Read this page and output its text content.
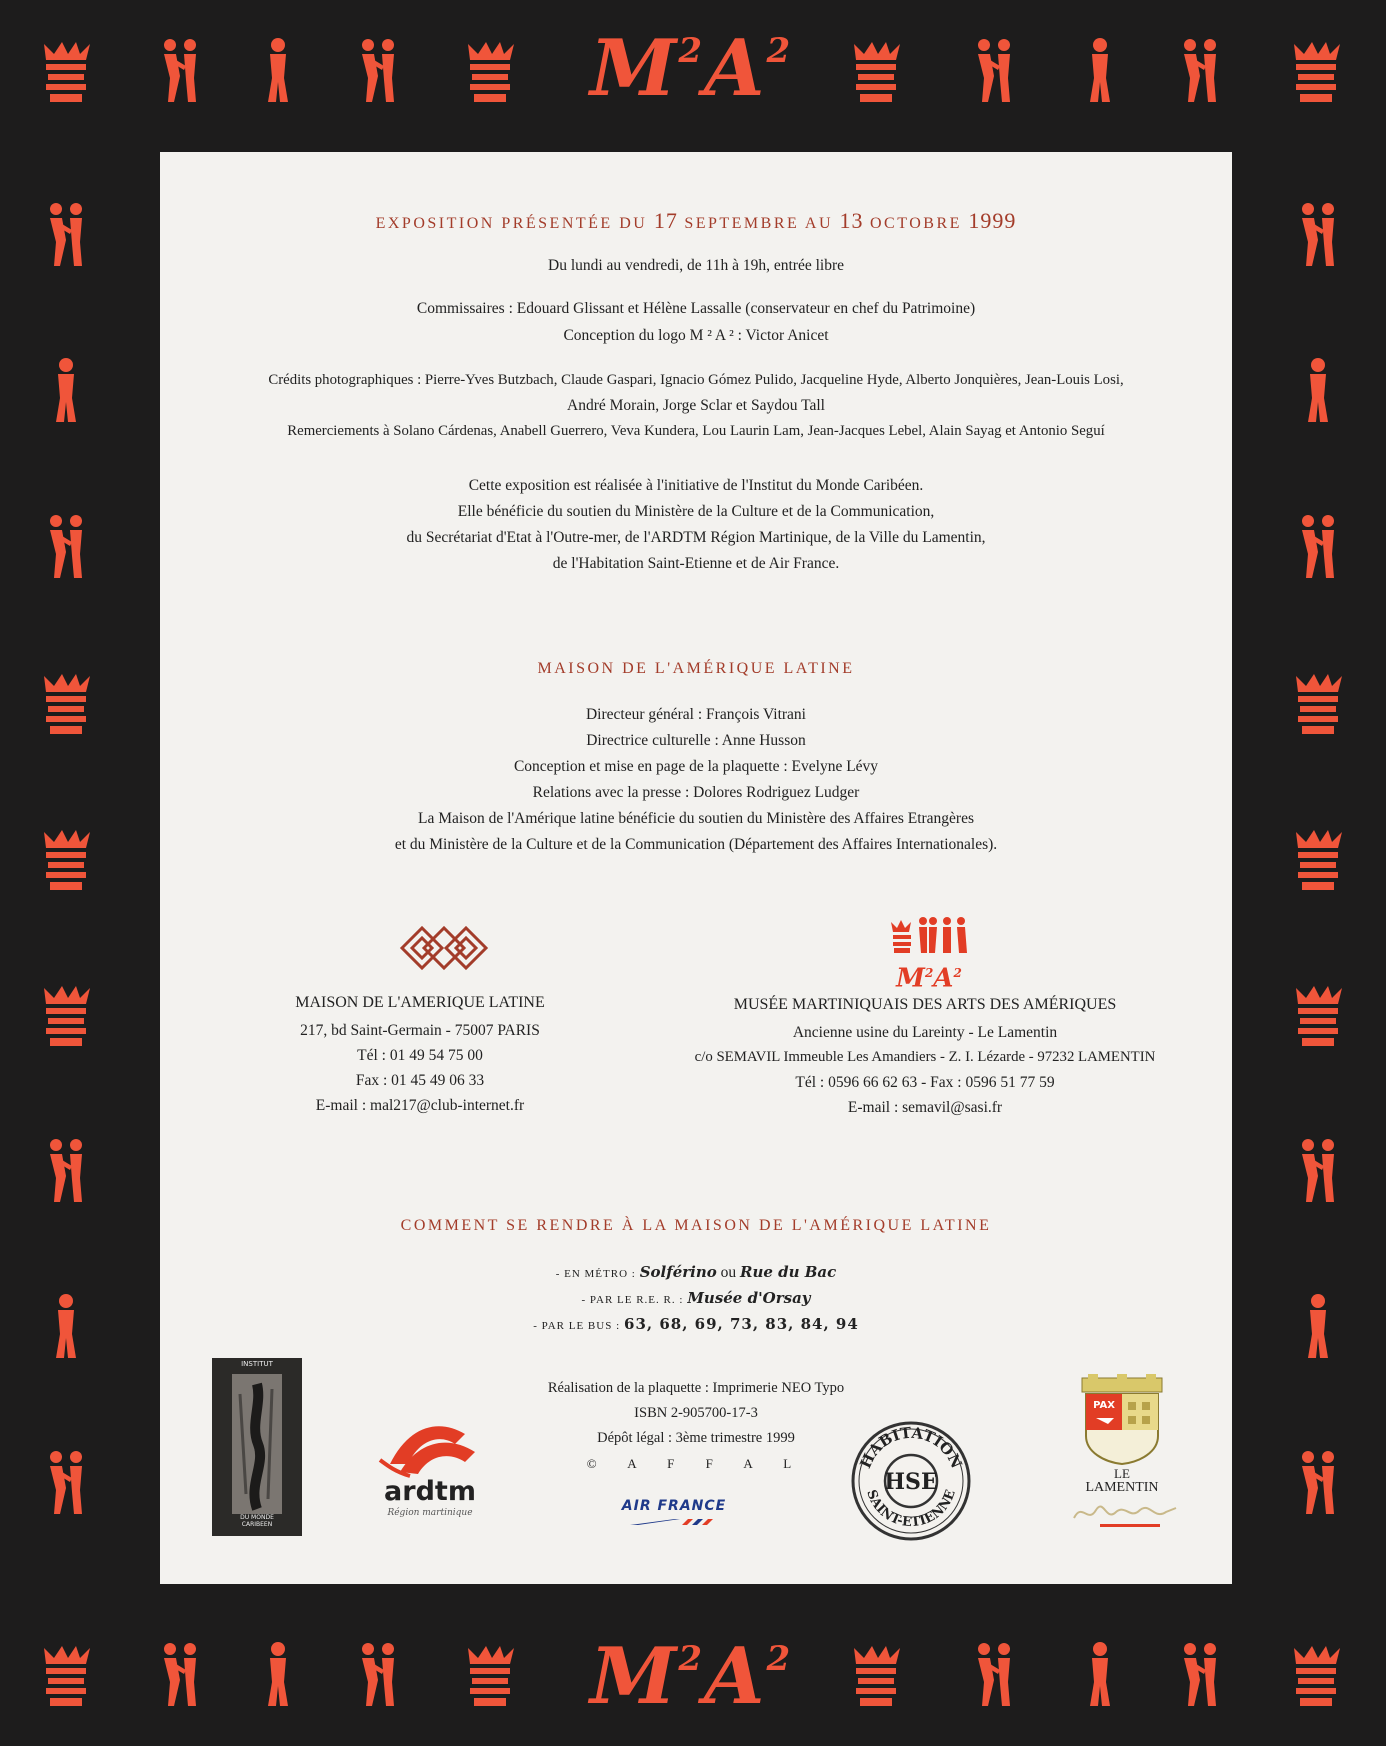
$M^2A^2$
$M^2A^2$
EXPOSITION PRÉSENTÉE DU 17 SEPTEMBRE AU 13 OCTOBRE 1999
Du lundi au vendredi, de 11h à 19h, entrée libre
Commissaires : Edouard Glissant et Hélène Lassalle (conservateur en chef du Patrimoine)
Conception du logo M ² A ² : Victor Anicet
Crédits photographiques : Pierre-Yves Butzbach, Claude Gaspari, Ignacio Gómez Pulido, Jacqueline Hyde, Alberto Jonquières, Jean-Louis Losi,
André Morain, Jorge Sclar et Saydou Tall
Remerciements à Solano Cárdenas, Anabell Guerrero, Veva Kundera, Lou Laurin Lam, Jean-Jacques Lebel, Alain Sayag et Antonio Seguí
Cette exposition est réalisée à l'initiative de l'Institut du Monde Caribéen.
Elle bénéficie du soutien du Ministère de la Culture et de la Communication,
du Secrétariat d'Etat à l'Outre-mer, de l'ARDTM Région Martinique, de la Ville du Lamentin,
de l'Habitation Saint-Etienne et de Air France.
MAISON DE L'AMÉRIQUE LATINE
Directeur général : François Vitrani
Directrice culturelle : Anne Husson
Conception et mise en page de la plaquette : Evelyne Lévy
Relations avec la presse : Dolores Rodriguez Ludger
La Maison de l'Amérique latine bénéficie du soutien du Ministère des Affaires Etrangères
et du Ministère de la Culture et de la Communication (Département des Affaires Internationales).
MAISON DE L'AMERIQUE LATINE
217, bd Saint-Germain - 75007 PARIS
Tél : 01 49 54 75 00
Fax : 01 45 49 06 33
E-mail : mal217@club-internet.fr
$M^2A^2$
MUSÉE MARTINIQUAIS DES ARTS DES AMÉRIQUES
Ancienne usine du Lareinty - Le Lamentin
c/o SEMAVIL Immeuble Les Amandiers - Z. I. Lézarde - 97232 LAMENTIN
Tél : 0596 66 62 63 - Fax : 0596 51 77 59
E-mail : semavil@sasi.fr
COMMENT SE RENDRE À LA MAISON DE L'AMÉRIQUE LATINE
- EN MÉTRO : Solférino ou Rue du Bac
- PAR LE R.E. R. : Musée d'Orsay
- PAR LE BUS : 63, 68, 69, 73, 83, 84, 94
Réalisation de la plaquette : Imprimerie NEO Typo
ISBN 2-905700-17-3
Dépôt légal : 3ème trimestre 1999
© A F F A L
INSTITUT
DU MONDE CARIBEEN
ardtm
Région martinique	AIR FRANCE
HABITATION
SAINT-ETIENNE
HSE
PAX
LE
LAMENTIN
